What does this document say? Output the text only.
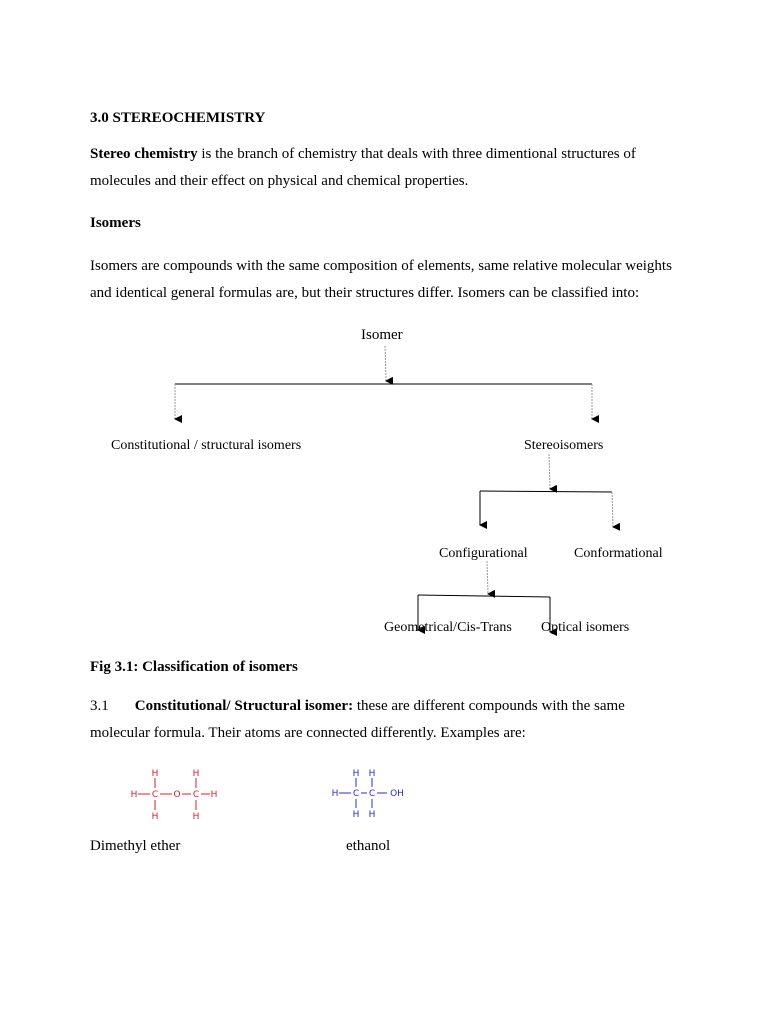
3.0 STEREOCHEMISTRY
Stereo chemistry is the branch of chemistry that deals with three dimentional structures of
molecules and their effect on physical and chemical properties.
Isomers
Isomers are compounds with the same composition of elements, same relative molecular weights
and identical general formulas are, but their structures differ. Isomers can be classified into:
Isomer
Constitutional / structural isomers	Stereoisomers
Configurational	Conformational
Geometrical/Cis-Trans Optical isomers
Fig 3.1: Classification of isomers
3.1 Constitutional/ Structural isomer: these are different compounds with the same
molecular formula. Their atoms are connected differently. Examples are:
H
H C O C H
H
H	H
H H
H C C OH
H H
Dimethyl ether	ethanol
